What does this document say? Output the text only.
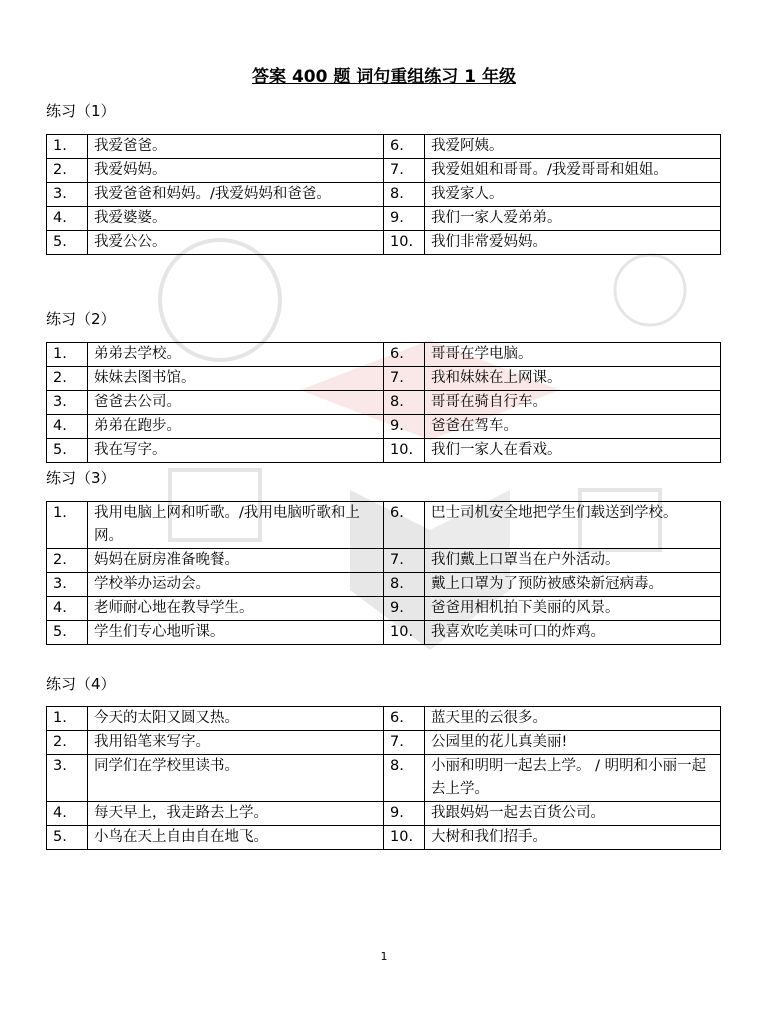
答案 400 题 词句重组练习 1 年级
练习（1）
1.	我爱爸爸。	6.	我爱阿姨。
2.	我爱妈妈。	7.	我爱姐姐和哥哥。/我爱哥哥和姐姐。
3.	我爱爸爸和妈妈。/我爱妈妈和爸爸。	8.	我爱家人。
4.	我爱婆婆。	9.	我们一家人爱弟弟。
5.	我爱公公。	10.	我们非常爱妈妈。
练习（2）
1.	弟弟去学校。	6.	哥哥在学电脑。
2.	妹妹去图书馆。	7.	我和妹妹在上网课。
3.	爸爸去公司。	8.	哥哥在骑自行车。
4.	弟弟在跑步。	9.	爸爸在驾车。
5.	我在写字。	10.	我们一家人在看戏。
练习（3）
1.	我用电脑上网和听歌。/我用电脑听歌和上网。	6.	巴士司机安全地把学生们载送到学校。
2.	妈妈在厨房准备晚餐。	7.	我们戴上口罩当在户外活动。
3.	学校举办运动会。	8.	戴上口罩为了预防被感染新冠病毒。
4.	老师耐心地在教导学生。	9.	爸爸用相机拍下美丽的风景。
5.	学生们专心地听课。	10.	我喜欢吃美味可口的炸鸡。
练习（4）
1.	今天的太阳又圆又热。	6.	蓝天里的云很多。
2.	我用铅笔来写字。	7.	公园里的花儿真美丽!
3.	同学们在学校里读书。	8.	小丽和明明一起去上学。 / 明明和小丽一起去上学。
4.	每天早上，我走路去上学。	9.	我跟妈妈一起去百货公司。
5.	小鸟在天上自由自在地飞。	10.	大树和我们招手。
1
